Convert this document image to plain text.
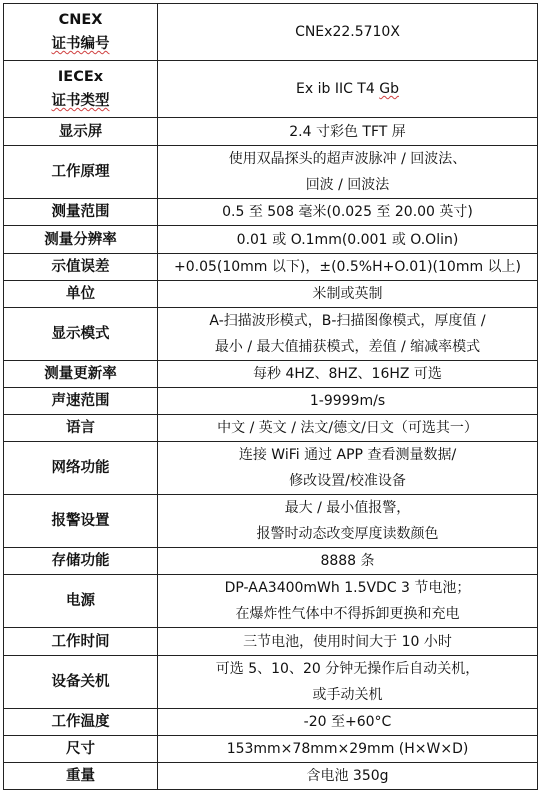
CNEX
证书编号	CNEx22.5710X

IECEx
证书类型	Ex ib IIC T4 Gb

显示屏	2.4 寸彩色 TFT 屏

工作原理	使用双晶探头的超声波脉冲 / 回波法、
回波 / 回波法

测量范围	0.5 至 508 毫米(0.025 至 20.00 英寸)

测量分辨率	0.01 或 O.1mm(0.001 或 O.Olin)

示值误差	+0.05(10mm 以下)，±(0.5%H+O.01)(10mm 以上)

单位	米制或英制

显示模式	A-扫描波形模式，B-扫描图像模式，厚度值 /
最小 / 最大值捕获模式，差值 / 缩减率模式

测量更新率	每秒 4HZ、8HZ、16HZ 可选

声速范围	1-9999m/s

语言	中文 / 英文 / 法文/德文/日文（可选其一）

网络功能	连接 WiFi 通过 APP 查看测量数据/
修改设置/校准设备

报警设置	最大 / 最小值报警，
报警时动态改变厚度读数颜色

存储功能	8888 条

电源	DP-AA3400mWh 1.5VDC 3 节电池；
在爆炸性气体中不得拆卸更换和充电

工作时间	三节电池，使用时间大于 10 小时

设备关机	可选 5、10、20 分钟无操作后自动关机，
或手动关机

工作温度	-20 至+60°C

尺寸	153mm×78mm×29mm (H×W×D)

重量	含电池 350g
